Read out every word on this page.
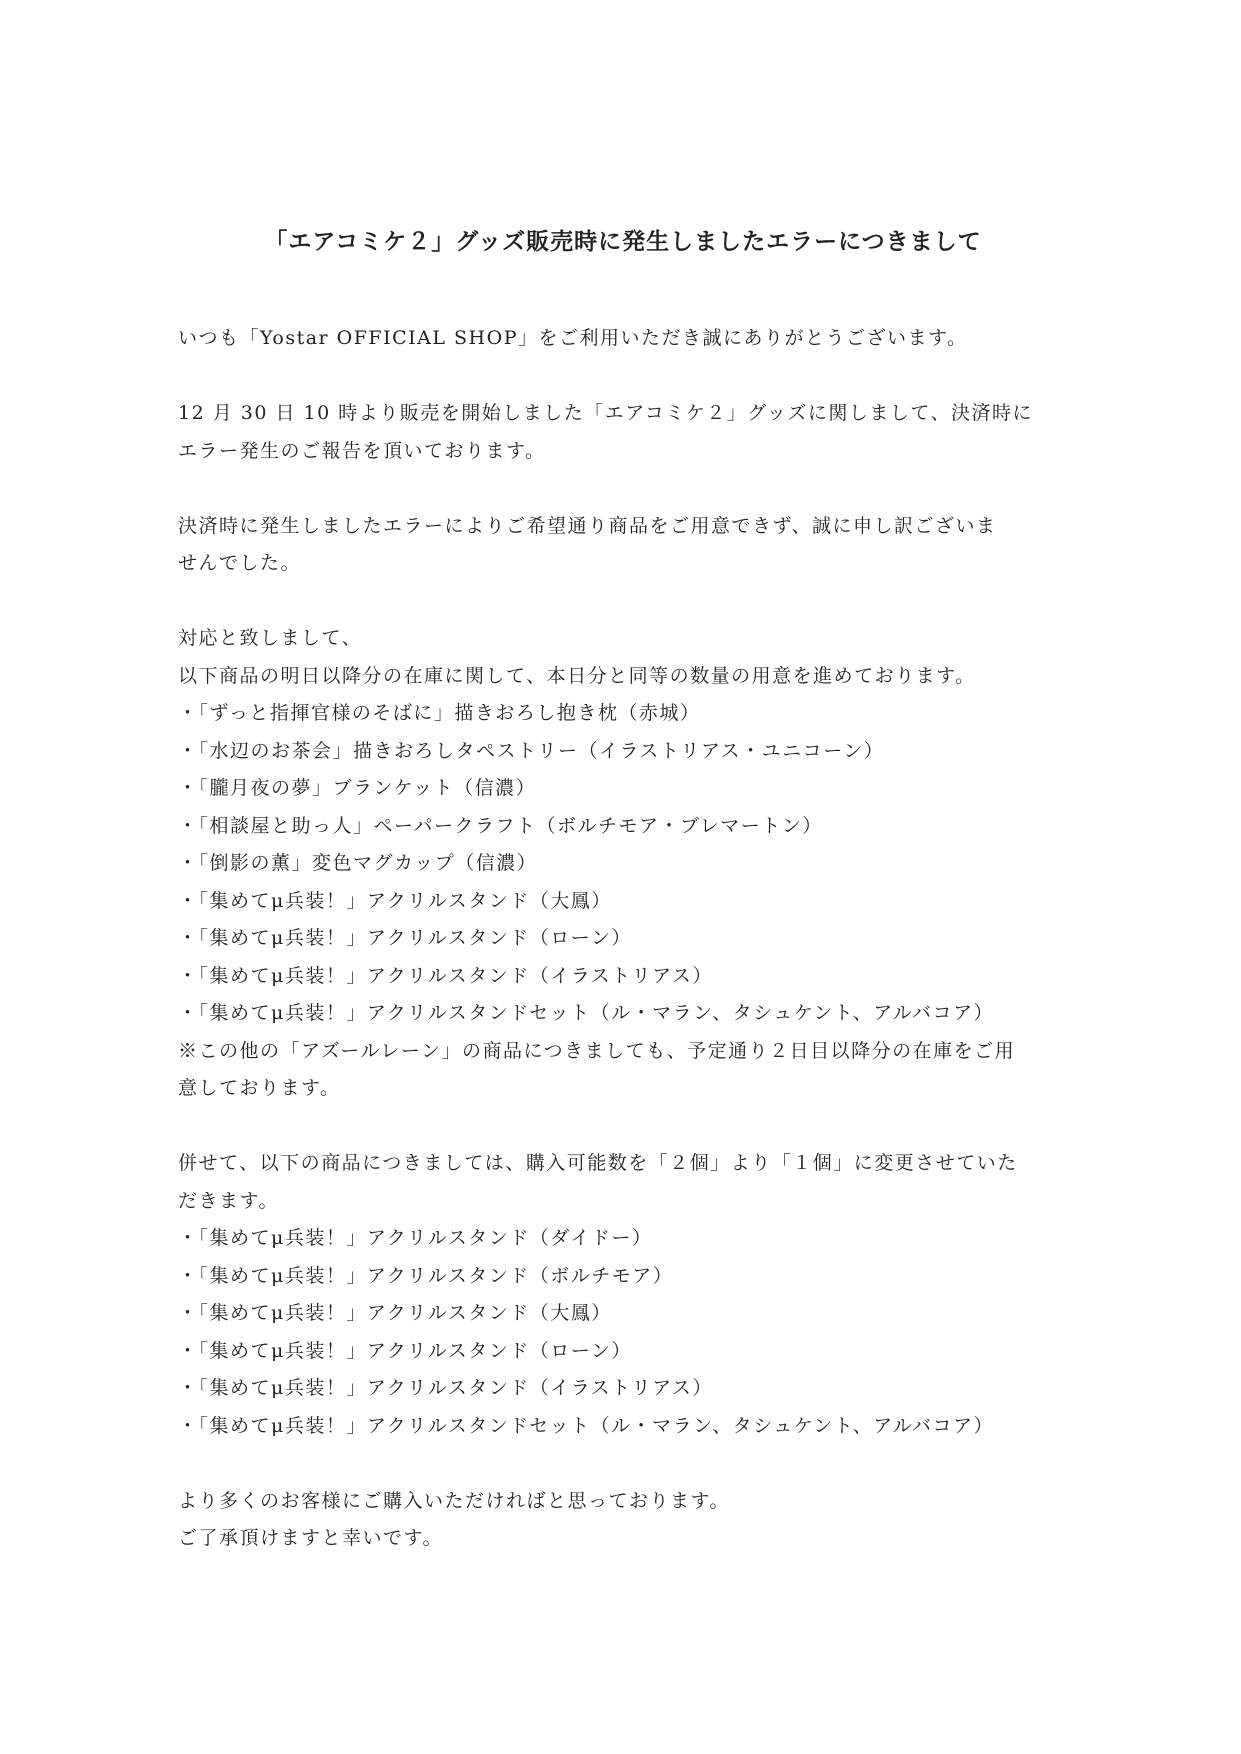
「エアコミケ２」グッズ販売時に発生しましたエラーにつきまして
いつも「Yostar OFFICIAL SHOP」をご利用いただき誠にありがとうございます。
12 月 30 日 10 時より販売を開始しました「エアコミケ２」グッズに関しまして、決済時に
エラー発生のご報告を頂いております。
決済時に発生しましたエラーによりご希望通り商品をご用意できず、誠に申し訳ございま
せんでした。
対応と致しまして、
以下商品の明日以降分の在庫に関して、本日分と同等の数量の用意を進めております。
・「ずっと指揮官様のそばに」描きおろし抱き枕（赤城）
・「水辺のお茶会」描きおろしタペストリー（イラストリアス・ユニコーン）
・「朧月夜の夢」ブランケット（信濃）
・「相談屋と助っ人」ペーパークラフト（ボルチモア・ブレマートン）
・「倒影の薫」変色マグカップ（信濃）
・「集めてμ兵装！」アクリルスタンド（大鳳）
・「集めてμ兵装！」アクリルスタンド（ローン）
・「集めてμ兵装！」アクリルスタンド（イラストリアス）
・「集めてμ兵装！」アクリルスタンドセット（ル・マラン、タシュケント、アルバコア）
※この他の「アズールレーン」の商品につきましても、予定通り２日目以降分の在庫をご用
意しております。
併せて、以下の商品につきましては、購入可能数を「２個」より「１個」に変更させていた
だきます。
・「集めてμ兵装！」アクリルスタンド（ダイドー）
・「集めてμ兵装！」アクリルスタンド（ボルチモア）
・「集めてμ兵装！」アクリルスタンド（大鳳）
・「集めてμ兵装！」アクリルスタンド（ローン）
・「集めてμ兵装！」アクリルスタンド（イラストリアス）
・「集めてμ兵装！」アクリルスタンドセット（ル・マラン、タシュケント、アルバコア）
より多くのお客様にご購入いただければと思っております。
ご了承頂けますと幸いです。
